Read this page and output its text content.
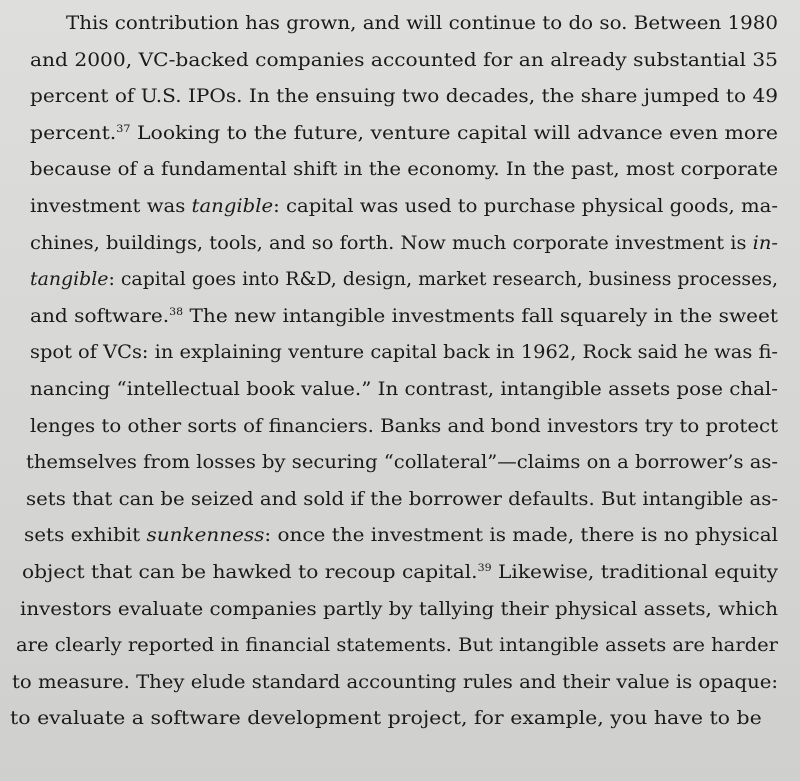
This contribution has grown, and will continue to do so. Between 1980
and 2000, VC-backed companies accounted for an already substantial 35
percent of U.S. IPOs. In the ensuing two decades, the share jumped to 49
percent.$^{37}$ Looking to the future, venture capital will advance even more
because of a fundamental shift in the economy. In the past, most corporate
investment was tangible: capital was used to purchase physical goods, ma-
chines, buildings, tools, and so forth. Now much corporate investment is in-
tangible: capital goes into R&D, design, market research, business processes,
and software.$^{38}$ The new intangible investments fall squarely in the sweet
spot of VCs: in explaining venture capital back in 1962, Rock said he was fi-
nancing “intellectual book value.” In contrast, intangible assets pose chal-
lenges to other sorts of financiers. Banks and bond investors try to protect
themselves from losses by securing “collateral”—claims on a borrower’s as-
sets that can be seized and sold if the borrower defaults. But intangible as-
sets exhibit sunkenness: once the investment is made, there is no physical
object that can be hawked to recoup capital.$^{39}$ Likewise, traditional equity
investors evaluate companies partly by tallying their physical assets, which
are clearly reported in financial statements. But intangible assets are harder
to measure. They elude standard accounting rules and their value is opaque:
to evaluate a software development project, for example, you have to be
